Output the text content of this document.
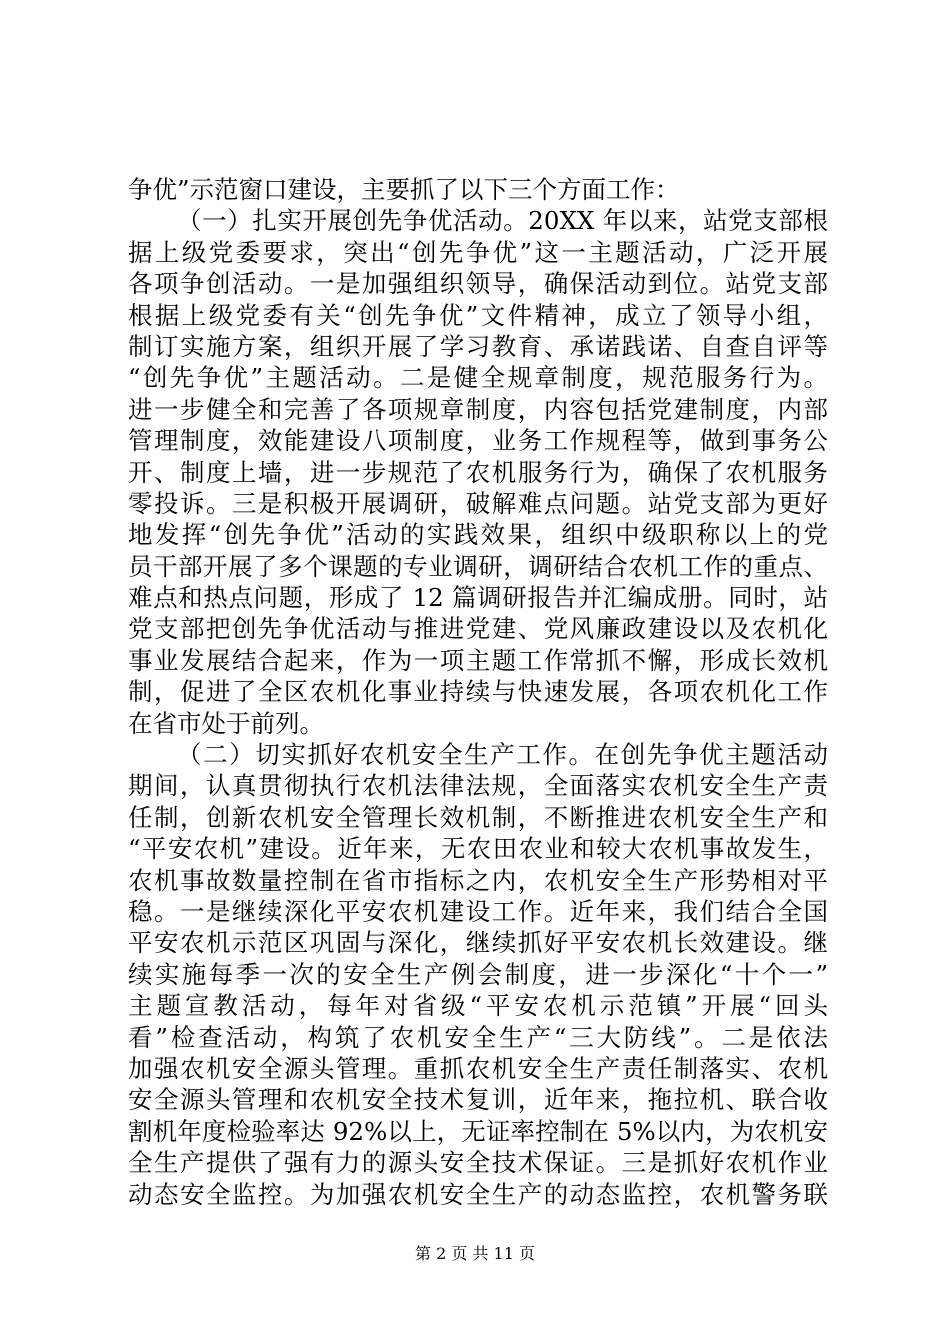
争优”示范窗口建设，主要抓了以下三个方面工作：
（一）扎实开展创先争优活动。20XX 年以来，站党支部根
据上级党委要求，突出“创先争优”这一主题活动，广泛开展
各项争创活动。一是加强组织领导，确保活动到位。站党支部
根据上级党委有关“创先争优”文件精神，成立了领导小组，
制订实施方案，组织开展了学习教育、承诺践诺、自查自评等
“创先争优”主题活动。二是健全规章制度，规范服务行为。
进一步健全和完善了各项规章制度，内容包括党建制度，内部
管理制度，效能建设八项制度，业务工作规程等，做到事务公
开、制度上墙，进一步规范了农机服务行为，确保了农机服务
零投诉。三是积极开展调研，破解难点问题。站党支部为更好
地发挥“创先争优”活动的实践效果，组织中级职称以上的党
员干部开展了多个课题的专业调研，调研结合农机工作的重点、
难点和热点问题，形成了 12 篇调研报告并汇编成册。同时，站
党支部把创先争优活动与推进党建、党风廉政建设以及农机化
事业发展结合起来，作为一项主题工作常抓不懈，形成长效机
制，促进了全区农机化事业持续与快速发展，各项农机化工作
在省市处于前列。
（二）切实抓好农机安全生产工作。在创先争优主题活动
期间，认真贯彻执行农机法律法规，全面落实农机安全生产责
任制，创新农机安全管理长效机制，不断推进农机安全生产和
“平安农机”建设。近年来，无农田农业和较大农机事故发生，
农机事故数量控制在省市指标之内，农机安全生产形势相对平
稳。一是继续深化平安农机建设工作。近年来，我们结合全国
平安农机示范区巩固与深化，继续抓好平安农机长效建设。继
续实施每季一次的安全生产例会制度，进一步深化“十个一”
主题宣教活动，每年对省级“平安农机示范镇”开展“回头
看”检查活动，构筑了农机安全生产“三大防线”。二是依法
加强农机安全源头管理。重抓农机安全生产责任制落实、农机
安全源头管理和农机安全技术复训，近年来，拖拉机、联合收
割机年度检验率达 92%以上，无证率控制在 5%以内，为农机安
全生产提供了强有力的源头安全技术保证。三是抓好农机作业
动态安全监控。为加强农机安全生产的动态监控，农机警务联
第 2 页 共 11 页
